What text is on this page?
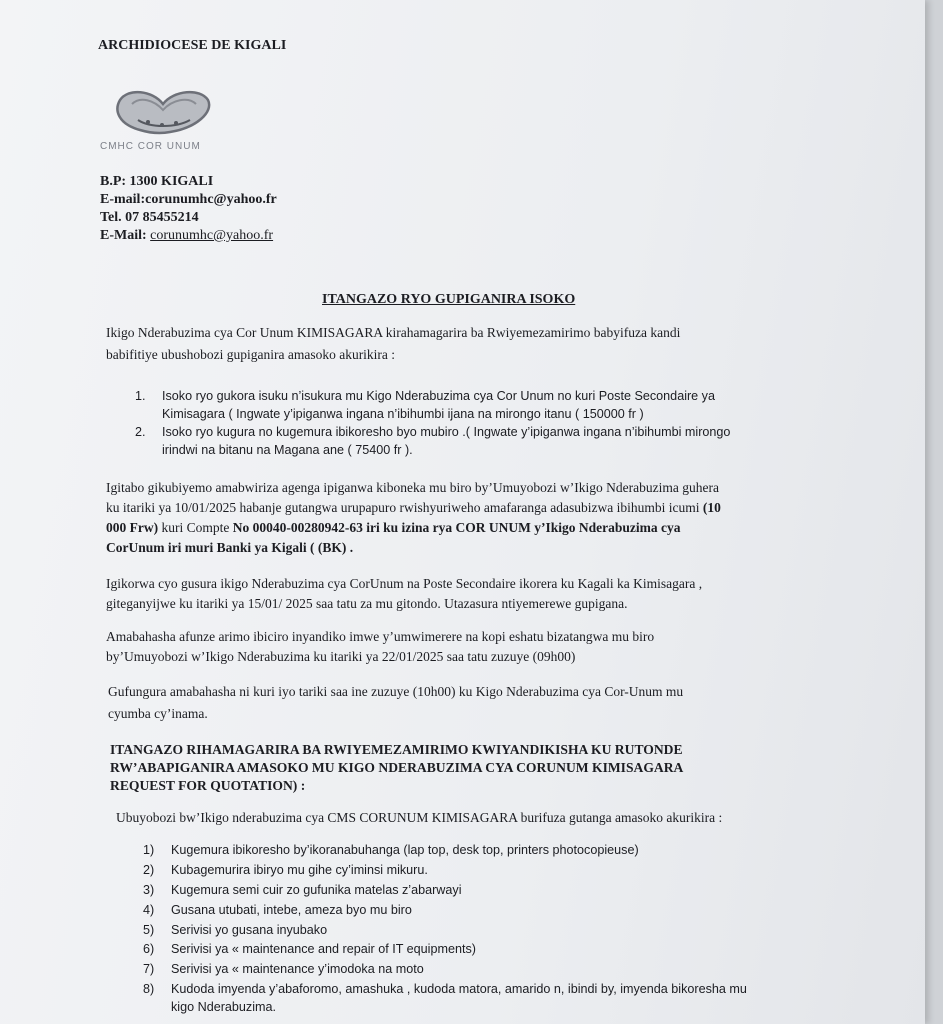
ARCHIDIOCESE DE KIGALI
CMHC COR UNUM
B.P: 1300 KIGALI
E-mail:corunumhc@yahoo.fr
Tel. 07 85455214
E-Mail: corunumhc@yahoo.fr
ITANGAZO RYO GUPIGANIRA ISOKO
Ikigo Nderabuzima cya Cor Unum KIMISAGARA kirahamagarira ba Rwiyemezamirimo babyifuza kandi
babifitiye ubushobozi gupiganira amasoko akurikira :
1. Isoko ryo gukora isuku n’isukura mu Kigo Nderabuzima cya Cor Unum no kuri Poste Secondaire ya
Kimisagara ( Ingwate y’ipiganwa ingana n’ibihumbi ijana na mirongo itanu ( 150000 fr )
2. Isoko ryo kugura no kugemura ibikoresho byo mubiro .( Ingwate y’ipiganwa ingana n’ibihumbi mirongo
irindwi na bitanu na Magana ane ( 75400 fr ).
Igitabo gikubiyemo amabwiriza agenga ipiganwa kiboneka mu biro by’Umuyobozi w’Ikigo Nderabuzima guhera
ku itariki ya 10/01/2025 habanje gutangwa urupapuro rwishyuriweho amafaranga adasubizwa ibihumbi icumi (10
000 Frw) kuri Compte No 00040-00280942-63 iri ku izina rya COR UNUM y’Ikigo Nderabuzima cya
CorUnum iri muri Banki ya Kigali ( (BK) .
Igikorwa cyo gusura ikigo Nderabuzima cya CorUnum na Poste Secondaire ikorera ku Kagali ka Kimisagara ,
giteganyijwe ku itariki ya 15/01/ 2025 saa tatu za mu gitondo. Utazasura ntiyemerewe gupigana.
Amabahasha afunze arimo ibiciro inyandiko imwe y’umwimerere na kopi eshatu bizatangwa mu biro
by’Umuyobozi w’Ikigo Nderabuzima ku itariki ya 22/01/2025 saa tatu zuzuye (09h00)
Gufungura amabahasha ni kuri iyo tariki saa ine zuzuye (10h00) ku Kigo Nderabuzima cya Cor-Unum mu
cyumba cy’inama.
ITANGAZO RIHAMAGARIRA BA RWIYEMEZAMIRIMO KWIYANDIKISHA KU RUTONDE
RW’ABAPIGANIRA AMASOKO MU KIGO NDERABUZIMA CYA CORUNUM KIMISAGARA
REQUEST FOR QUOTATION) :
Ubuyobozi bw’Ikigo nderabuzima cya CMS CORUNUM KIMISAGARA burifuza gutanga amasoko akurikira :
1) Kugemura ibikoresho by’ikoranabuhanga (lap top, desk top, printers photocopieuse)
2) Kubagemurira ibiryo mu gihe cy’iminsi mikuru.
3) Kugemura semi cuir zo gufunika matelas z’abarwayi
4) Gusana utubati, intebe, ameza byo mu biro
5) Serivisi yo gusana inyubako
6) Serivisi ya « maintenance and repair of IT equipments)
7) Serivisi ya « maintenance y’imodoka na moto
8) Kudoda imyenda y’abaforomo, amashuka , kudoda matora, amarido n, ibindi by, imyenda bikoresha mu
kigo Nderabuzima.
